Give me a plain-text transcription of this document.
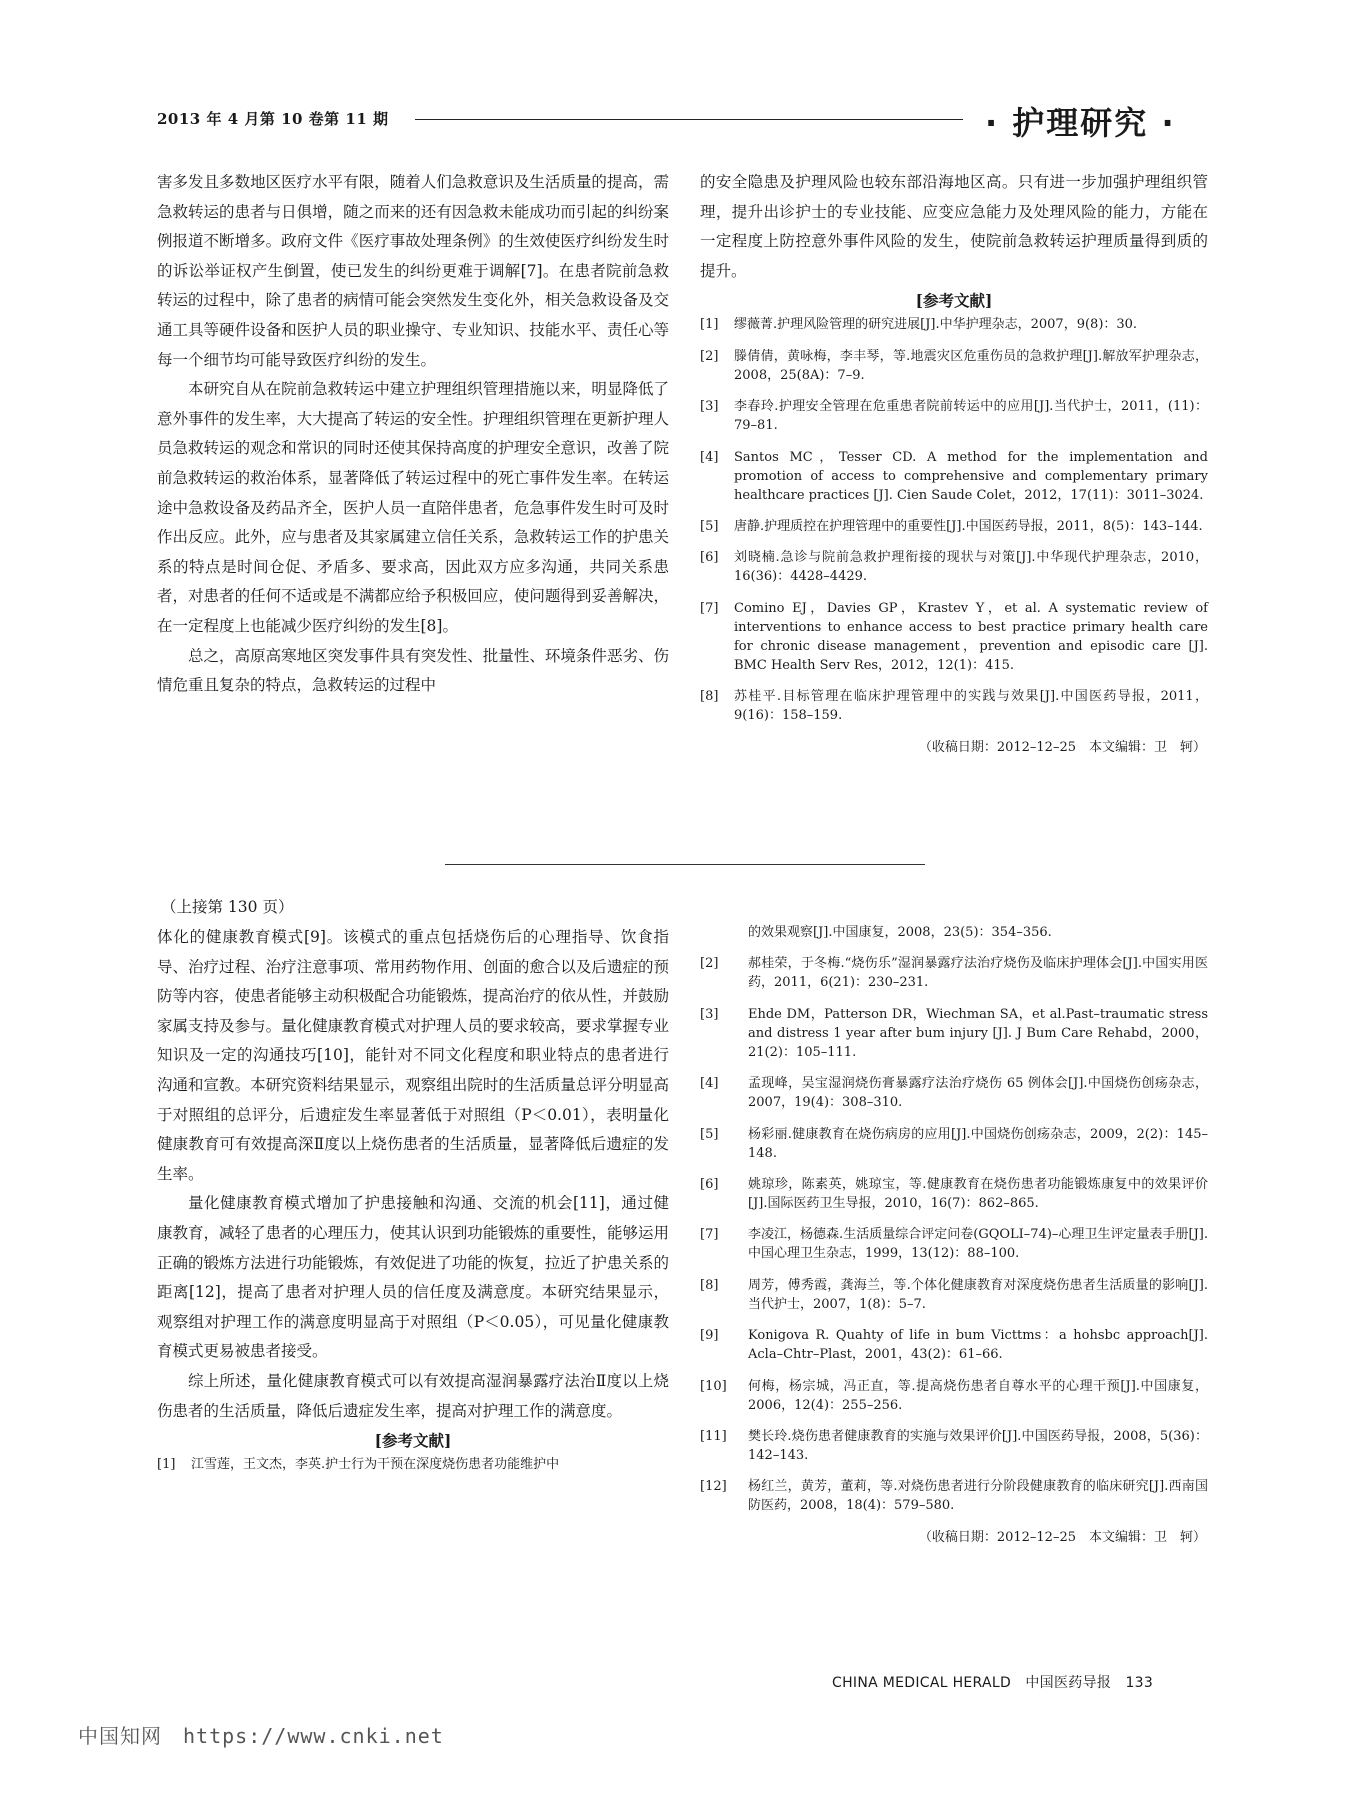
2013 年 4 月第 10 卷第 11 期	· 护理研究 ·

害多发且多数地区医疗水平有限，随着人们急救意识及生活质量的提高，需急救转运的患者与日俱增，随之而来的还有因急救未能成功而引起的纠纷案例报道不断增多。政府文件《医疗事故处理条例》的生效使医疗纠纷发生时的诉讼举证权产生倒置，使已发生的纠纷更难于调解[7]。在患者院前急救转运的过程中，除了患者的病情可能会突然发生变化外，相关急救设备及交通工具等硬件设备和医护人员的职业操守、专业知识、技能水平、责任心等每一个细节均可能导致医疗纠纷的发生。

本研究自从在院前急救转运中建立护理组织管理措施以来，明显降低了意外事件的发生率，大大提高了转运的安全性。护理组织管理在更新护理人员急救转运的观念和常识的同时还使其保持高度的护理安全意识，改善了院前急救转运的救治体系，显著降低了转运过程中的死亡事件发生率。在转运途中急救设备及药品齐全，医护人员一直陪伴患者，危急事件发生时可及时作出反应。此外，应与患者及其家属建立信任关系，急救转运工作的护患关系的特点是时间仓促、矛盾多、要求高，因此双方应多沟通，共同关系患者，对患者的任何不适或是不满都应给予积极回应，使问题得到妥善解决，在一定程度上也能减少医疗纠纷的发生[8]。

总之，高原高寒地区突发事件具有突发性、批量性、环境条件恶劣、伤情危重且复杂的特点，急救转运的过程中

的安全隐患及护理风险也较东部沿海地区高。只有进一步加强护理组织管理，提升出诊护士的专业技能、应变应急能力及处理风险的能力，方能在一定程度上防控意外事件风险的发生，使院前急救转运护理质量得到质的提升。
[参考文献]
[1]	缪薇菁.护理风险管理的研究进展[J].中华护理杂志，2007，9(8)：30.
[2]	滕倩倩，黄咏梅，李丰琴，等.地震灾区危重伤员的急救护理[J].解放军护理杂志，2008，25(8A)：7–9.
[3]	李春玲.护理安全管理在危重患者院前转运中的应用[J].当代护士，2011，(11)：79–81.
[4]	Santos MC，Tesser CD. A method for the implementation and promotion of access to comprehensive and complementary primary healthcare practices [J]. Cien Saude Colet，2012，17(11)：3011–3024.
[5]	唐静.护理质控在护理管理中的重要性[J].中国医药导报，2011，8(5)：143–144.
[6]	刘晓楠.急诊与院前急救护理衔接的现状与对策[J].中华现代护理杂志，2010，16(36)：4428–4429.
[7]	Comino EJ，Davies GP，Krastev Y，et al. A systematic review of interventions to enhance access to best practice primary health care for chronic disease management，prevention and episodic care [J]. BMC Health Serv Res，2012，12(1)：415.
[8]	苏桂平.目标管理在临床护理管理中的实践与效果[J].中国医药导报，2011，9(16)：158–159.
（收稿日期：2012–12–25　本文编辑：卫　轲）
（上接第 130 页）

体化的健康教育模式[9]。该模式的重点包括烧伤后的心理指导、饮食指导、治疗过程、治疗注意事项、常用药物作用、创面的愈合以及后遗症的预防等内容，使患者能够主动积极配合功能锻炼，提高治疗的依从性，并鼓励家属支持及参与。量化健康教育模式对护理人员的要求较高，要求掌握专业知识及一定的沟通技巧[10]，能针对不同文化程度和职业特点的患者进行沟通和宣教。本研究资料结果显示，观察组出院时的生活质量总评分明显高于对照组的总评分，后遗症发生率显著低于对照组（P＜0.01），表明量化健康教育可有效提高深Ⅱ度以上烧伤患者的生活质量，显著降低后遗症的发生率。

量化健康教育模式增加了护患接触和沟通、交流的机会[11]，通过健康教育，减轻了患者的心理压力，使其认识到功能锻炼的重要性，能够运用正确的锻炼方法进行功能锻炼，有效促进了功能的恢复，拉近了护患关系的距离[12]，提高了患者对护理人员的信任度及满意度。本研究结果显示，观察组对护理工作的满意度明显高于对照组（P＜0.05），可见量化健康教育模式更易被患者接受。

综上所述，量化健康教育模式可以有效提高湿润暴露疗法治Ⅱ度以上烧伤患者的生活质量，降低后遗症发生率，提高对护理工作的满意度。

[参考文献]
[1]	江雪莲，王文杰，李英.护士行为干预在深度烧伤患者功能维护中
的效果观察[J].中国康复，2008，23(5)：354–356.
[2]	郝桂荣，于冬梅.“烧伤乐”湿润暴露疗法治疗烧伤及临床护理体会[J].中国实用医药，2011，6(21)：230–231.
[3]	Ehde DM，Patterson DR，Wiechman SA，et al.Past–traumatic stress and distress 1 year after bum injury [J]. J Bum Care Rehabd，2000，21(2)：105–111.
[4]	孟现峰，吴宝湿润烧伤膏暴露疗法治疗烧伤 65 例体会[J].中国烧伤创疡杂志，2007，19(4)：308–310.
[5]	杨彩丽.健康教育在烧伤病房的应用[J].中国烧伤创疡杂志，2009，2(2)：145–148.
[6]	姚琼珍，陈素英，姚琼宝，等.健康教育在烧伤患者功能锻炼康复中的效果评价[J].国际医药卫生导报，2010，16(7)：862–865.
[7]	李凌江，杨德森.生活质量综合评定问卷(GQOLI–74)–心理卫生评定量表手册[J].中国心理卫生杂志，1999，13(12)：88–100.
[8]	周芳，傅秀霞，龚海兰，等.个体化健康教育对深度烧伤患者生活质量的影响[J].当代护士，2007，1(8)：5–7.
[9]	Konigova R. Quahty of life in bum Victtms：a hohsbc approach[J]. Acla–Chtr–Plast，2001，43(2)：61–66.
[10]	何梅，杨宗城，冯正直，等.提高烧伤患者自尊水平的心理干预[J].中国康复，2006，12(4)：255–256.
[11]	樊长玲.烧伤患者健康教育的实施与效果评价[J].中国医药导报，2008，5(36)：142–143.
[12]	杨红兰，黄芳，董莉，等.对烧伤患者进行分阶段健康教育的临床研究[J].西南国防医药，2008，18(4)：579–580.
（收稿日期：2012–12–25　本文编辑：卫　轲）
CHINA MEDICAL HERALD　中国医药导报　133
中国知网　https://www.cnki.net
